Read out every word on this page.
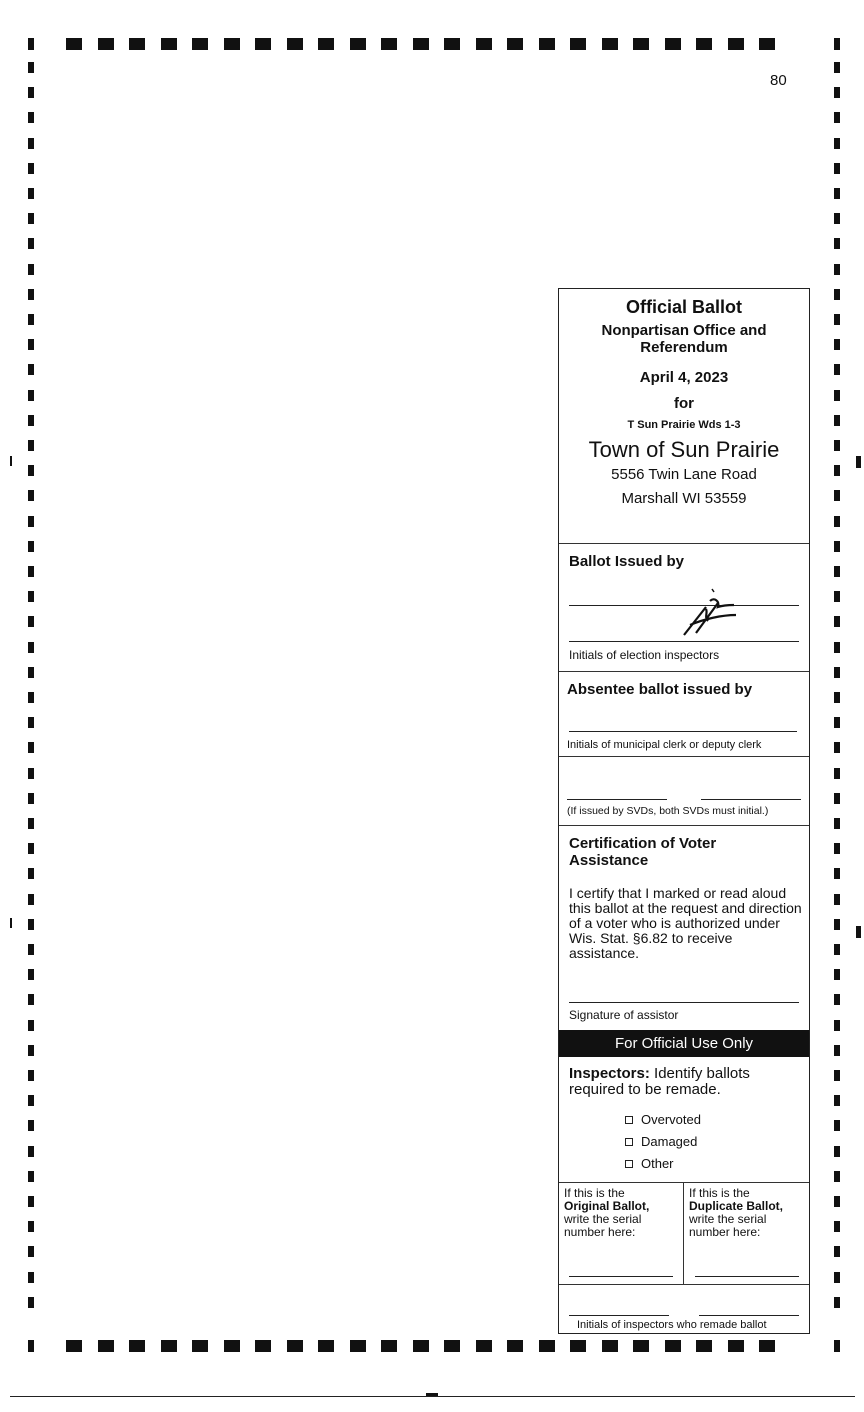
80
Official Ballot
Nonpartisan Office and Referendum
April 4, 2023
for
T Sun Prairie Wds 1-3
Town of Sun Prairie
5556 Twin Lane Road
Marshall WI 53559
Ballot Issued by
Initials of election inspectors
Absentee ballot issued by
Initials of municipal clerk or deputy clerk
(If issued by SVDs, both SVDs must initial.)
Certification of Voter Assistance
I certify that I marked or read aloud this ballot at the request and direction of a voter who is authorized under Wis. Stat. §6.82 to receive assistance.
Signature of assistor
For Official Use Only
Inspectors: Identify ballots required to be remade.
Overvoted
Damaged
Other
If this is the
Original Ballot,
write the serial number here:
If this is the
Duplicate Ballot,
write the serial number here:
Initials of inspectors who remade ballot
